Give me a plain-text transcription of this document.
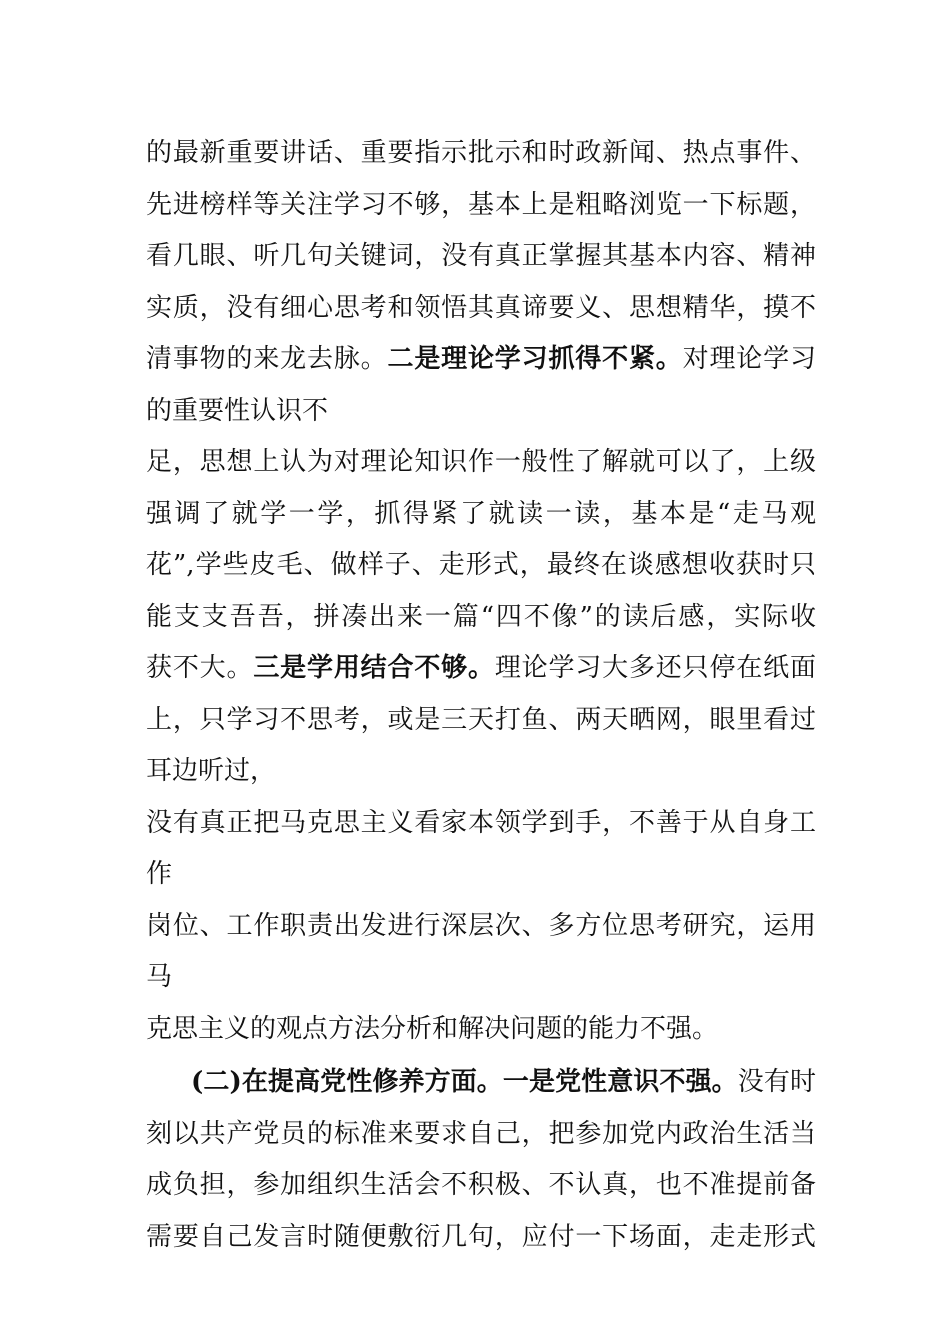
的最新重要讲话、重要指示批示和时政新闻、热点事件、
先进榜样等关注学习不够，基本上是粗略浏览一下标题，
看几眼、听几句关键词，没有真正掌握其基本内容、精神
实质，没有细心思考和领悟其真谛要义、思想精华，摸不
清事物的来龙去脉。二是理论学习抓得不紧。对理论学习
的重要性认识不
足，思想上认为对理论知识作一般性了解就可以了，上级
强调了就学一学，抓得紧了就读一读，基本是“走马观
花”,学些皮毛、做样子、走形式，最终在谈感想收获时只
能支支吾吾，拼凑出来一篇“四不像”的读后感，实际收
获不大。三是学用结合不够。理论学习大多还只停在纸面
上，只学习不思考，或是三天打鱼、两天晒网，眼里看过
耳边听过，
没有真正把马克思主义看家本领学到手，不善于从自身工
作
岗位、工作职责出发进行深层次、多方位思考研究，运用
马
克思主义的观点方法分析和解决问题的能力不强。
(二)在提高党性修养方面。一是党性意识不强。没有时
刻以共产党员的标准来要求自己，把参加党内政治生活当
成负担，参加组织生活会不积极、不认真，也不准提前备
需要自己发言时随便敷衍几句，应付一下场面，走走形式
